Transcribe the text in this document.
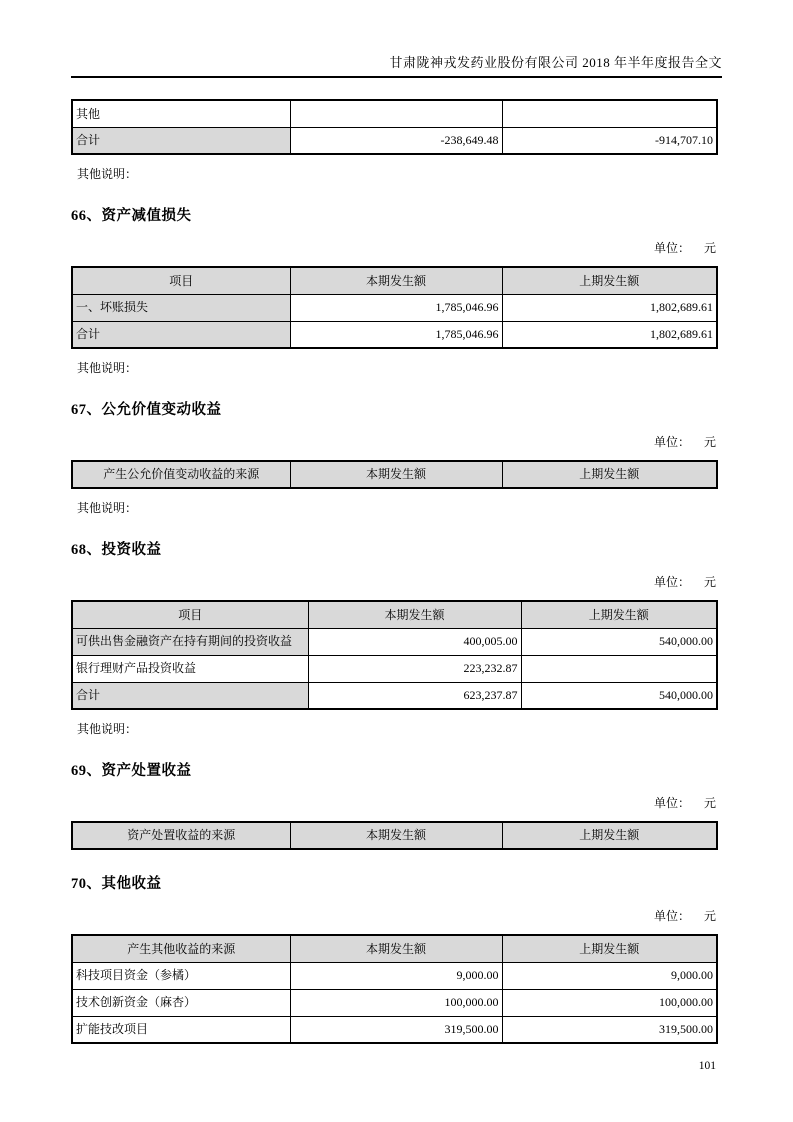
甘肃陇神戎发药业股份有限公司 2018 年半年度报告全文
其他		
合计	-238,649.48	-914,707.10
其他说明：
66、资产减值损失
单位： 元
项目	本期发生额	上期发生额
一、坏账损失	1,785,046.96	1,802,689.61
合计	1,785,046.96	1,802,689.61
其他说明：
67、公允价值变动收益
单位： 元
产生公允价值变动收益的来源	本期发生额	上期发生额
其他说明：
68、投资收益
单位： 元
项目	本期发生额	上期发生额
可供出售金融资产在持有期间的投资收益	400,005.00	540,000.00
银行理财产品投资收益	223,232.87	
合计	623,237.87	540,000.00
其他说明：
69、资产处置收益
单位： 元
资产处置收益的来源	本期发生额	上期发生额
70、其他收益
单位： 元
产生其他收益的来源	本期发生额	上期发生额
科技项目资金（参橘）	9,000.00	9,000.00
技术创新资金（麻杏）	100,000.00	100,000.00
扩能技改项目	319,500.00	319,500.00
101
